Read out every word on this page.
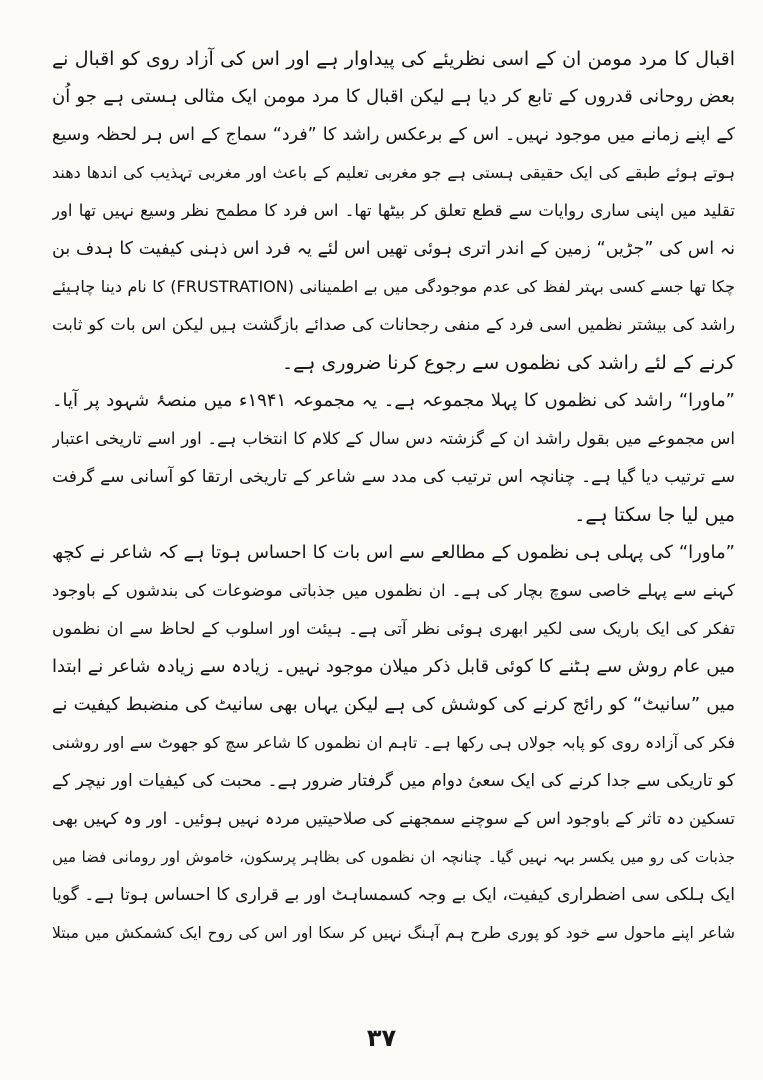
اقبال کا مرد مومن ان کے اسی نظریئے کی پیداوار ہے اور اس کی آزاد روی کو اقبال نے
بعض روحانی قدروں کے تابع کر دیا ہے لیکن اقبال کا مرد مومن ایک مثالی ہستی ہے جو اُن
کے اپنے زمانے میں موجود نہیں۔ اس کے برعکس راشد کا ”فرد“ سماج کے اس ہر لحظہ وسیع
ہوتے ہوئے طبقے کی ایک حقیقی ہستی ہے جو مغربی تعلیم کے باعث اور مغربی تہذیب کی اندھا دھند
تقلید میں اپنی ساری روایات سے قطع تعلق کر بیٹھا تھا۔ اس فرد کا مطمح نظر وسیع نہیں تھا اور
نہ اس کی ”جڑیں“ زمین کے اندر اتری ہوئی تھیں اس لئے یہ فرد اس ذہنی کیفیت کا ہدف بن
چکا تھا جسے کسی بہتر لفظ کی عدم موجودگی میں بے اطمینانی (FRUSTRATION) کا نام دینا چاہیئے
راشد کی بیشتر نظمیں اسی فرد کے منفی رجحانات کی صدائے بازگشت ہیں لیکن اس بات کو ثابت
کرنے کے لئے راشد کی نظموں سے رجوع کرنا ضروری ہے۔
”ماورا“ راشد کی نظموں کا پہلا مجموعہ ہے۔ یہ مجموعہ ۱۹۴۱ء میں منصۂ شہود پر آیا۔
اس مجموعے میں بقول راشد ان کے گزشتہ دس سال کے کلام کا انتخاب ہے۔ اور اسے تاریخی اعتبار
سے ترتیب دیا گیا ہے۔ چنانچہ اس ترتیب کی مدد سے شاعر کے تاریخی ارتقا کو آسانی سے گرفت
میں لیا جا سکتا ہے۔
”ماورا“ کی پہلی ہی نظموں کے مطالعے سے اس بات کا احساس ہوتا ہے کہ شاعر نے کچھ
کہنے سے پہلے خاصی سوچ بچار کی ہے۔ ان نظموں میں جذباتی موضوعات کی بندشوں کے باوجود
تفکر کی ایک باریک سی لکیر ابھری ہوئی نظر آتی ہے۔ ہیئت اور اسلوب کے لحاظ سے ان نظموں
میں عام روش سے ہٹنے کا کوئی قابل ذکر میلان موجود نہیں۔ زیادہ سے زیادہ شاعر نے ابتدا
میں ”سانیٹ“ کو رائج کرنے کی کوشش کی ہے لیکن یہاں بھی سانیٹ کی منضبط کیفیت نے
فکر کی آزادہ روی کو پابہ جولاں ہی رکھا ہے۔ تاہم ان نظموں کا شاعر سچ کو جھوٹ سے اور روشنی
کو تاریکی سے جدا کرنے کی ایک سعیٔ دوام میں گرفتار ضرور ہے۔ محبت کی کیفیات اور نیچر کے
تسکین دہ تاثر کے باوجود اس کے سوچنے سمجھنے کی صلاحیتیں مردہ نہیں ہوئیں۔ اور وہ کہیں بھی
جذبات کی رو میں یکسر بہہ نہیں گیا۔ چنانچہ ان نظموں کی بظاہر پرسکون، خاموش اور رومانی فضا میں
ایک ہلکی سی اضطراری کیفیت، ایک بے وجہ کسمساہٹ اور بے قراری کا احساس ہوتا ہے۔ گویا
شاعر اپنے ماحول سے خود کو پوری طرح ہم آہنگ نہیں کر سکا اور اس کی روح ایک کشمکش میں مبتلا
۳۷
